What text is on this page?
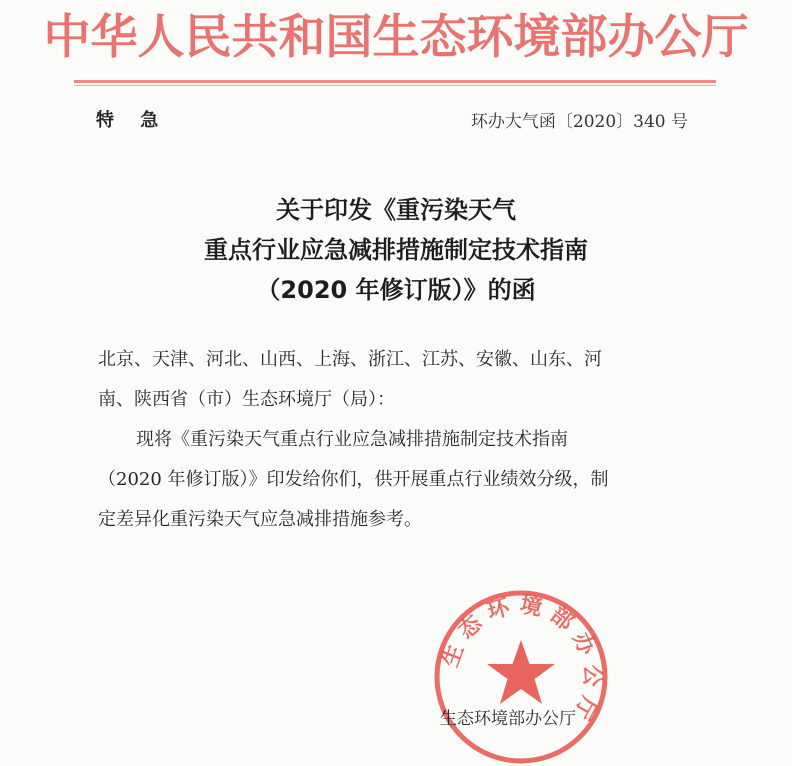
中华人民共和国生态环境部办公厅
特 急	环办大气函〔2020〕340 号
关于印发《重污染天气
重点行业应急减排措施制定技术指南
（2020 年修订版）》的函
北京、天津、河北、山西、上海、浙江、江苏、安徽、山东、河
南、陕西省（市）生态环境厅（局）：
现将《重污染天气重点行业应急减排措施制定技术指南
（2020 年修订版）》印发给你们，供开展重点行业绩效分级，制
定差异化重污染天气应急减排措施参考。
生态环境部办公厅
生态环境部办公厅
